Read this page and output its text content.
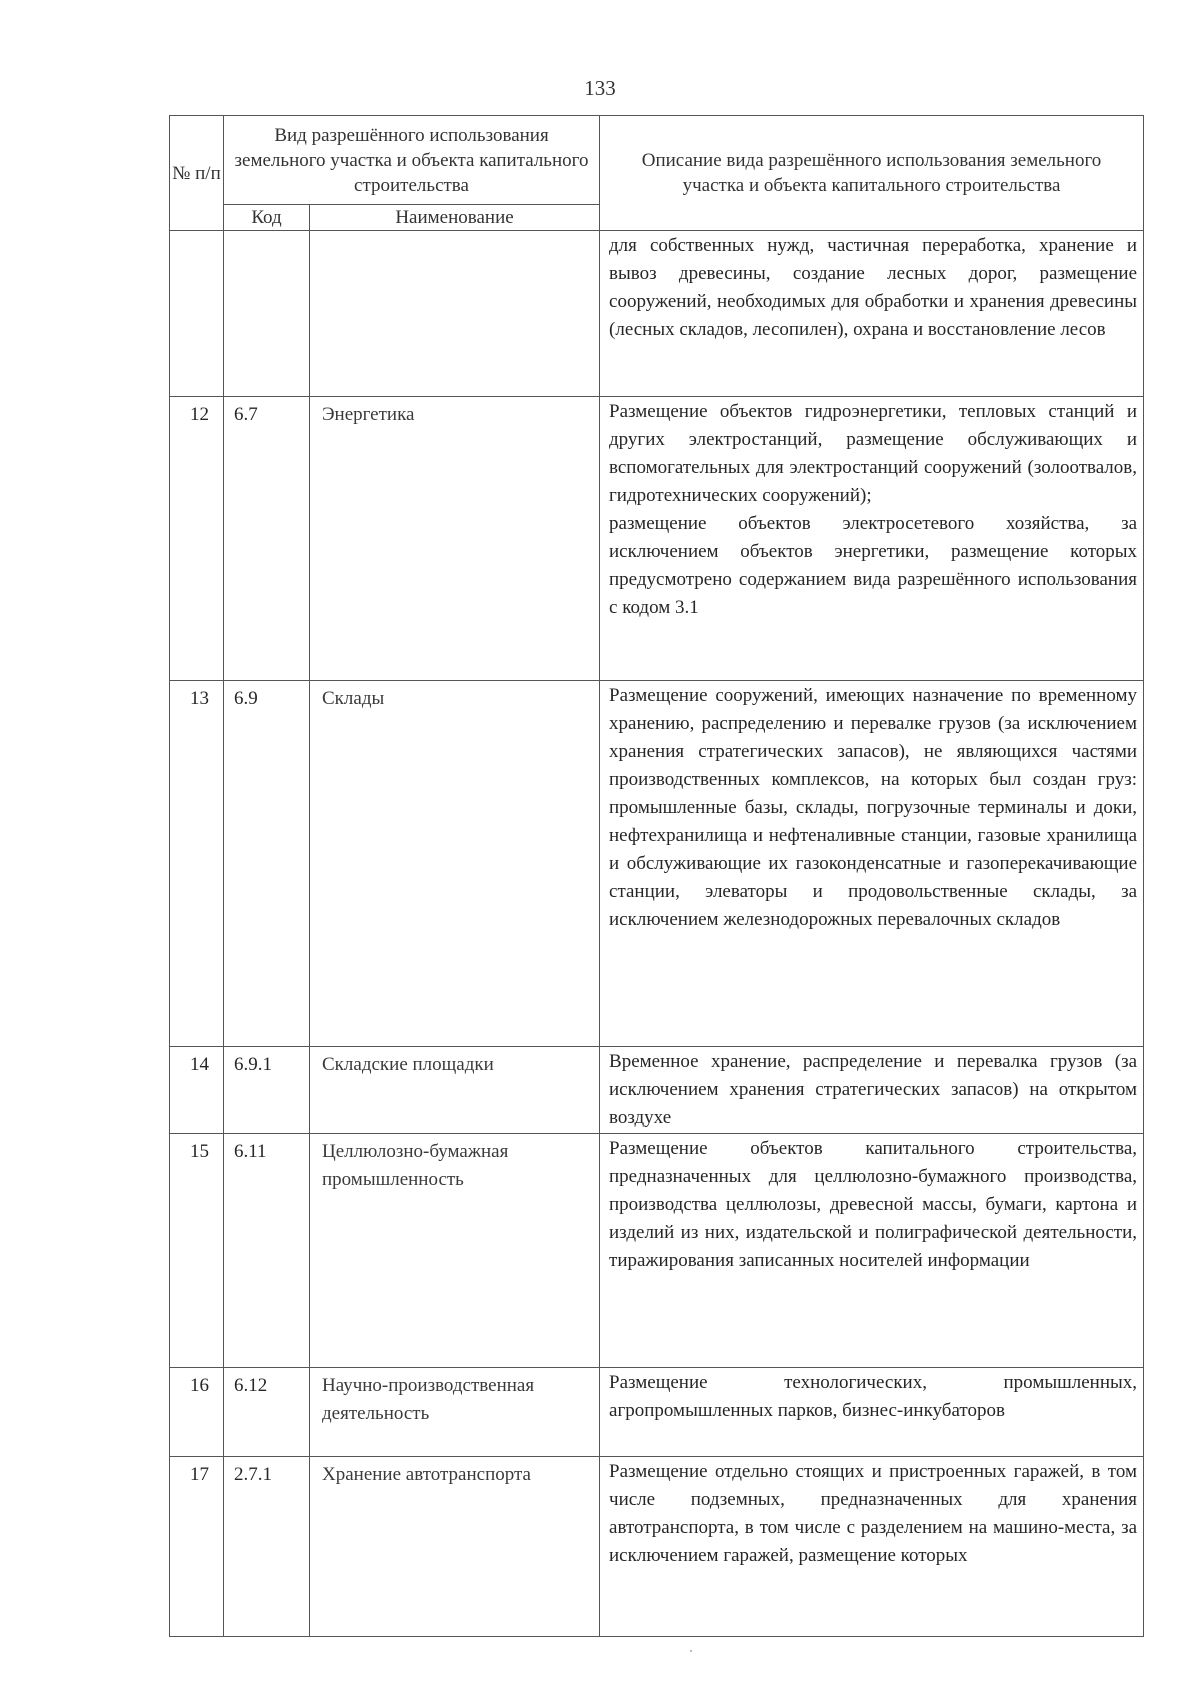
133
№ п/п	Вид разрешённого использования земельного участка и объекта капитального строительства		Описание вида разрешённого использования земельного участка и объекта капитального строительства
	Код	Наименование	

			для собственных нужд, частичная переработка, хранение и вывоз древесины, создание лесных дорог, размещение сооружений, необходимых для обработки и хранения древесины (лесных складов, лесопилен), охрана и восстановление лесов

12	6.7	Энергетика	Размещение объектов гидроэнергетики, тепловых станций и других электростанций, размещение обслуживающих и вспомогательных для электростанций сооружений (золоотвалов, гидротехнических сооружений);

размещение объектов электросетевого хозяйства, за исключением объектов энергетики, размещение которых предусмотрено содержанием вида разрешённого использования с кодом 3.1

13	6.9	Склады	Размещение сооружений, имеющих назначение по временному хранению, распределению и перевалке грузов (за исключением хранения стратегических запасов), не являющихся частями производственных комплексов, на которых был создан груз: промышленные базы, склады, погрузочные терминалы и доки, нефтехранилища и нефтеналивные станции, газовые хранилища и обслуживающие их газоконденсатные и газоперекачивающие станции, элеваторы и продовольственные склады, за исключением железнодорожных перевалочных складов

14	6.9.1	Складские площадки	Временное хранение, распределение и перевалка грузов (за исключением хранения стратегических запасов) на открытом воздухе

15	6.11	Целлюлозно-бумажная промышленность	Размещение объектов капитального строительства, предназначенных для целлюлозно-бумажного производства, производства целлюлозы, древесной массы, бумаги, картона и изделий из них, издательской и полиграфической деятельности, тиражирования записанных носителей информации

16	6.12	Научно-производственная деятельность	Размещение технологических, промышленных, агропромышленных парков, бизнес-инкубаторов

17	2.7.1	Хранение автотранспорта	Размещение отдельно стоящих и пристроенных гаражей, в том числе подземных, предназначенных для хранения автотранспорта, в том числе с разделением на машино-места, за исключением гаражей, размещение которых
